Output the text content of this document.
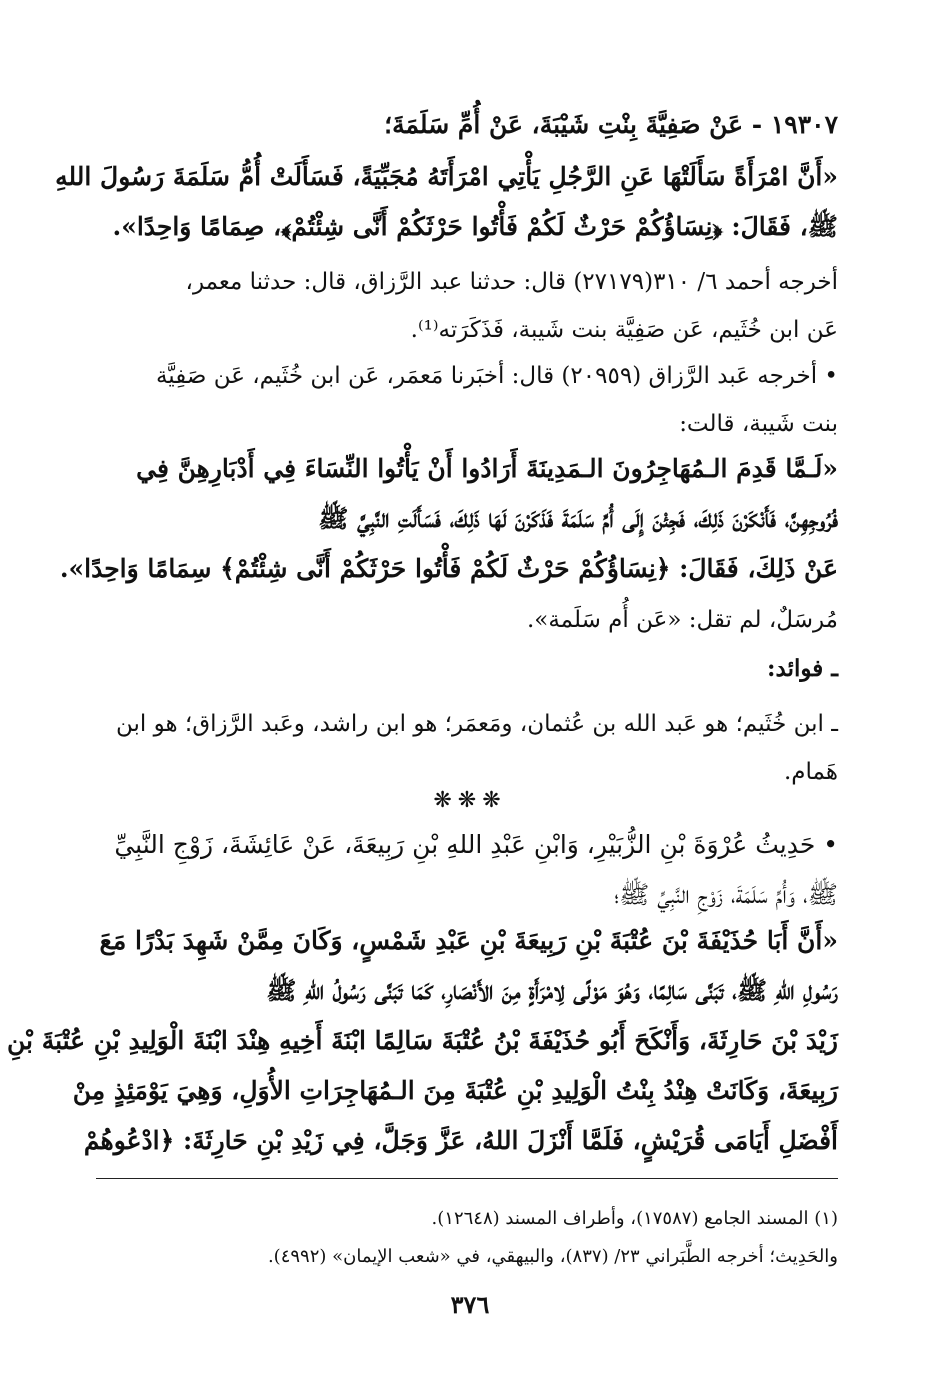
١٩٣٠٧ - عَنْ صَفِيَّةَ بِنْتِ شَيْبَةَ، عَنْ أُمِّ سَلَمَةَ؛
«أَنَّ امْرَأَةً سَأَلَتْهَا عَنِ الرَّجُلِ يَأْتِي امْرَأَتَهُ مُجَبِّيَةً، فَسَأَلَتْ أُمُّ سَلَمَةَ رَسُولَ اللهِ
ﷺ، فَقَالَ: ﴿نِسَاؤُكُمْ حَرْثٌ لَكُمْ فَأْتُوا حَرْثَكُمْ أَنَّى شِئْتُمْ﴾، صِمَامًا وَاحِدًا».
أخرجه أحمد ٦/ ٣١٠(٢٧١٧٩) قال: حدثنا عبد الرَّزاق، قال: حدثنا معمر،
عَن ابن خُثَيم، عَن صَفِيَّة بنت شَيبة، فَذَكَرَته⁽¹⁾.
• أخرجه عَبد الرَّزاق (٢٠٩٥٩) قال: أخبَرنا مَعمَر، عَن ابن خُثَيم، عَن صَفِيَّة
بنت شَيبة، قالت:
«لَـمَّا قَدِمَ الـمُهَاجِرُونَ الـمَدِينَةَ أَرَادُوا أَنْ يَأْتُوا النِّسَاءَ فِي أَدْبَارِهِنَّ فِي
فُرُوجِهِنَّ، فَأَنْكَرْنَ ذَلِكَ، فَجِئْنَ إِلَى أُمِّ سَلَمَةَ فَذَكَرْنَ لَهَا ذَلِكَ، فَسَأَلَتِ النَّبِيَّ ﷺ
عَنْ ذَلِكَ، فَقَالَ: ﴿نِسَاؤُكُمْ حَرْثٌ لَكُمْ فَأْتُوا حَرْثَكُمْ أَنَّى شِئْتُمْ﴾ سِمَامًا وَاحِدًا».
مُرسَلٌ، لم تقل: «عَن أُم سَلَمة».
ـ فوائد:
ـ ابن خُثَيم؛ هو عَبد الله بن عُثمان، ومَعمَر؛ هو ابن راشد، وعَبد الرَّزاق؛ هو ابن
هَمام.
❋❋❋
• حَدِيثُ عُرْوَةَ بْنِ الزُّبَيْرِ، وَابْنِ عَبْدِ اللهِ بْنِ رَبِيعَةَ، عَنْ عَائِشَةَ، زَوْجِ النَّبِيِّ
ﷺ، وَأُمِّ سَلَمَةَ، زَوْجِ النَّبِيِّ ﷺ؛
«أَنَّ أَبَا حُذَيْفَةَ بْنَ عُتْبَةَ بْنِ رَبِيعَةَ بْنِ عَبْدِ شَمْسٍ، وَكَانَ مِمَّنْ شَهِدَ بَدْرًا مَعَ
رَسُولِ اللهِ ﷺ، تَبَنَّى سَالِمًا، وَهُوَ مَوْلًى لِامْرَأَةٍ مِنَ الأَنْصَارِ، كَمَا تَبَنَّى رَسُولُ اللهِ ﷺ
زَيْدَ بْنَ حَارِثَةَ، وَأَنْكَحَ أَبُو حُذَيْفَةَ بْنُ عُتْبَةَ سَالِمًا ابْنَةَ أَخِيهِ هِنْدَ ابْنَةَ الْوَلِيدِ بْنِ عُتْبَةَ بْنِ
رَبِيعَةَ، وَكَانَتْ هِنْدُ بِنْتُ الْوَلِيدِ بْنِ عُتْبَةَ مِنَ الـمُهَاجِرَاتِ الأُوَلِ، وَهِيَ يَوْمَئِذٍ مِنْ
أَفْضَلِ أَيَامَى قُرَيْشٍ، فَلَمَّا أَنْزَلَ اللهُ، عَزَّ وَجَلَّ، فِي زَيْدِ بْنِ حَارِثَةَ: ﴿ادْعُوهُمْ
(١) المسند الجامع (١٧٥٨٧)، وأطراف المسند (١٢٦٤٨).
والحَدِيث؛ أخرجه الطَّبَراني ٢٣/ (٨٣٧)، والبيهقي، في «شعب الإيمان» (٤٩٩٢).
٣٧٦
